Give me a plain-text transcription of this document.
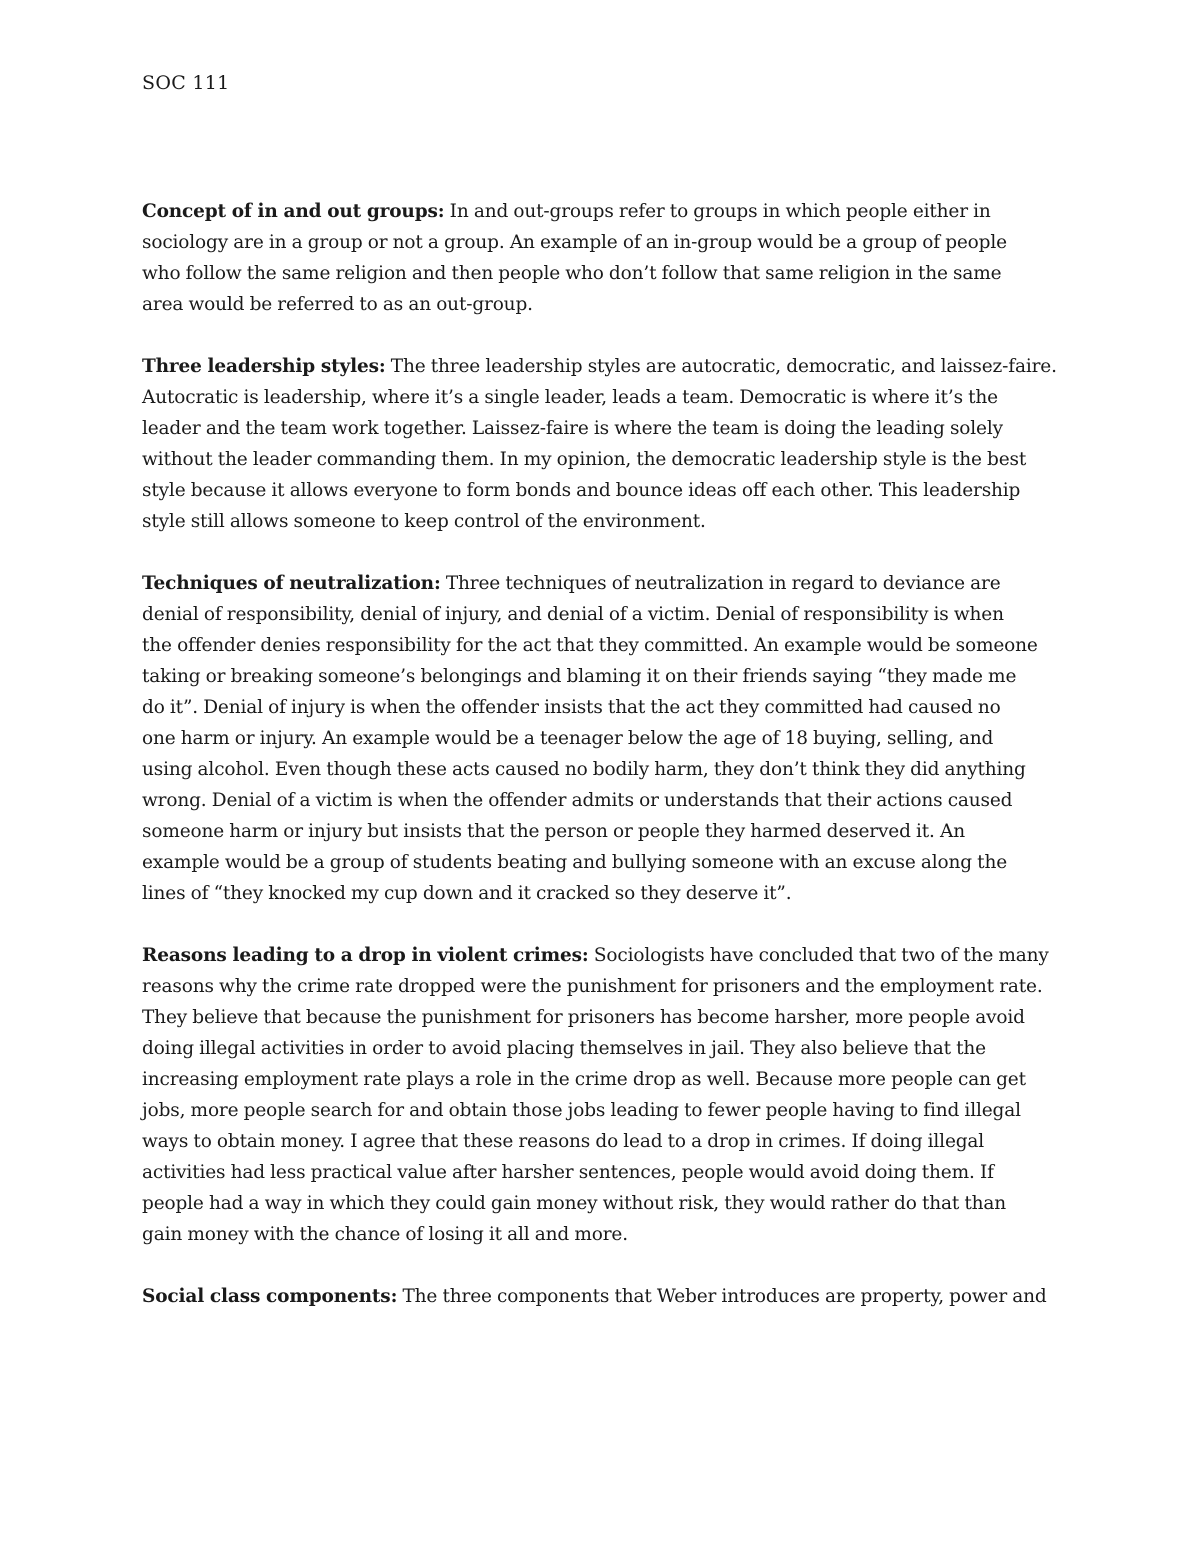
SOC 111
Concept of in and out groups: In and out-groups refer to groups in which people either in
sociology are in a group or not a group. An example of an in-group would be a group of people
who follow the same religion and then people who don’t follow that same religion in the same
area would be referred to as an out-group.
Three leadership styles: The three leadership styles are autocratic, democratic, and laissez-faire.
Autocratic is leadership, where it’s a single leader, leads a team. Democratic is where it’s the
leader and the team work together. Laissez-faire is where the team is doing the leading solely
without the leader commanding them. In my opinion, the democratic leadership style is the best
style because it allows everyone to form bonds and bounce ideas off each other. This leadership
style still allows someone to keep control of the environment.
Techniques of neutralization: Three techniques of neutralization in regard to deviance are
denial of responsibility, denial of injury, and denial of a victim. Denial of responsibility is when
the offender denies responsibility for the act that they committed. An example would be someone
taking or breaking someone’s belongings and blaming it on their friends saying “they made me
do it”. Denial of injury is when the offender insists that the act they committed had caused no
one harm or injury. An example would be a teenager below the age of 18 buying, selling, and
using alcohol. Even though these acts caused no bodily harm, they don’t think they did anything
wrong. Denial of a victim is when the offender admits or understands that their actions caused
someone harm or injury but insists that the person or people they harmed deserved it. An
example would be a group of students beating and bullying someone with an excuse along the
lines of “they knocked my cup down and it cracked so they deserve it”.
Reasons leading to a drop in violent crimes: Sociologists have concluded that two of the many
reasons why the crime rate dropped were the punishment for prisoners and the employment rate.
They believe that because the punishment for prisoners has become harsher, more people avoid
doing illegal activities in order to avoid placing themselves in jail. They also believe that the
increasing employment rate plays a role in the crime drop as well. Because more people can get
jobs, more people search for and obtain those jobs leading to fewer people having to find illegal
ways to obtain money. I agree that these reasons do lead to a drop in crimes. If doing illegal
activities had less practical value after harsher sentences, people would avoid doing them. If
people had a way in which they could gain money without risk, they would rather do that than
gain money with the chance of losing it all and more.
Social class components: The three components that Weber introduces are property, power and
